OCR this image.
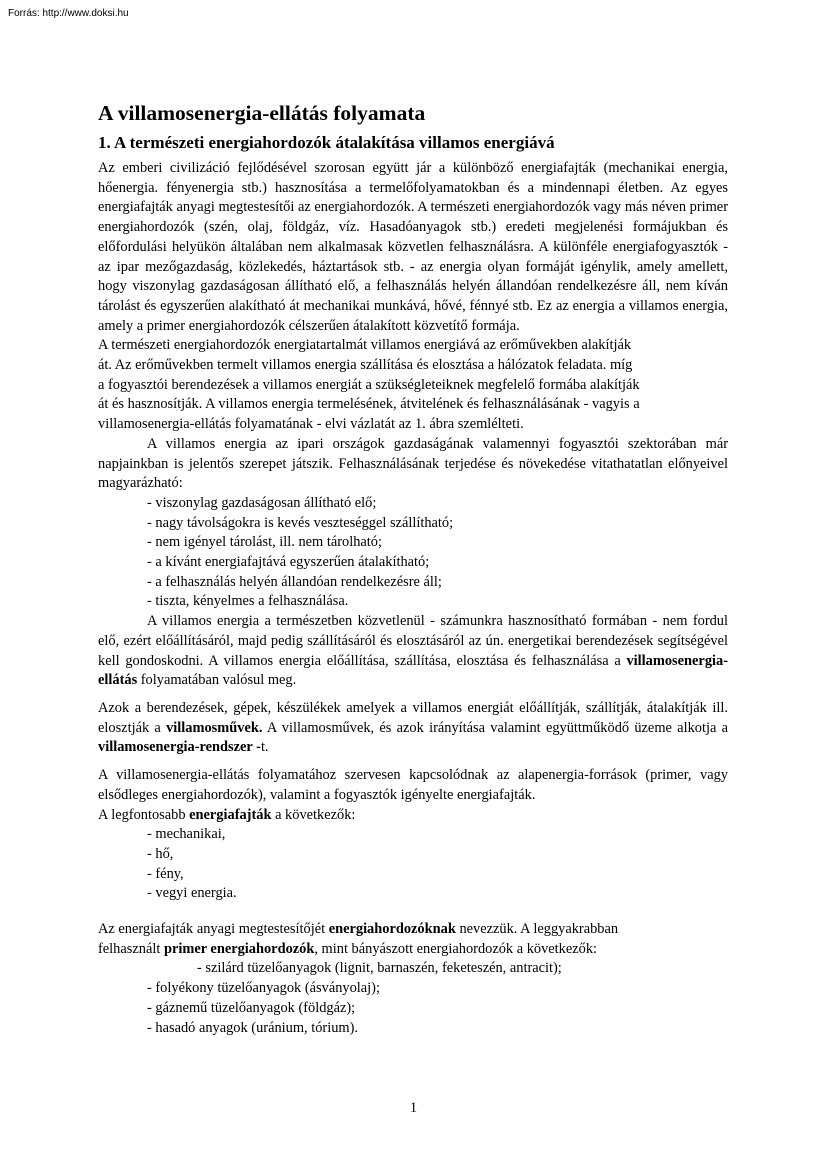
Forrás: http://www.doksi.hu
A villamosenergia-ellátás folyamata
1. A természeti energiahordozók átalakítása villamos energiává

Az emberi civilizáció fejlődésével szorosan együtt jár a különböző energiafajták (mechanikai energia, hőenergia. fényenergia stb.) hasznosítása a termelőfolyamatokban és a mindennapi életben. Az egyes energiafajták anyagi megtestesítői az energiahordozók. A természeti energiahordozók vagy más néven primer energiahordozók (szén, olaj, földgáz, víz. Hasadóanyagok stb.) eredeti megjelenési formájukban és előfordulási helyükön általában nem alkalmasak közvetlen felhasználásra. A különféle energiafogyasztók - az ipar mezőgazdaság, közlekedés, háztartások stb. - az energia olyan formáját igénylik, amely amellett, hogy viszonylag gazdaságosan állítható elő, a felhasználás helyén állandóan rendelkezésre áll, nem kíván tárolást és egyszerűen alakítható át mechanikai munkává, hővé, fénnyé stb. Ez az energia a villamos energia, amely a primer energiahordozók célszerűen átalakított közvetítő formája.

A természeti energiahordozók energiatartalmát villamos energiává az erőművekben alakítják

át. Az erőművekben termelt villamos energia szállítása és elosztása a hálózatok feladata. míg

a fogyasztói berendezések a villamos energiát a szükségleteiknek megfelelő formába alakítják

át és hasznosítják. A villamos energia termelésének, átvitelének és felhasználásának - vagyis a

villamosenergia-ellátás folyamatának - elvi vázlatát az 1. ábra szemlélteti.

A villamos energia az ipari országok gazdaságának valamennyi fogyasztói szektorában már napjainkban is jelentős szerepet játszik. Felhasználásának terjedése és növekedése vitathatatlan előnyeivel magyarázható:

- viszonylag gazdaságosan állítható elő;
- nagy távolságokra is kevés veszteséggel szállítható;
- nem igényel tárolást, ill. nem tárolható;
- a kívánt energiafajtává egyszerűen átalakítható;
- a felhasználás helyén állandóan rendelkezésre áll;
- tiszta, kényelmes a felhasználása.

A villamos energia a természetben közvetlenül - számunkra hasznosítható formában - nem fordul elő, ezért előállításáról, majd pedig szállításáról és elosztásáról az ún. energetikai berendezések segítségével kell gondoskodni. A villamos energia előállítása, szállítása, elosztása és felhasználása a villamosenergia-ellátás folyamatában valósul meg.

Azok a berendezések, gépek, készülékek amelyek a villamos energiát előállítják, szállítják, átalakítják ill. elosztják a villamosművek. A villamosművek, és azok irányítása valamint együttműködő üzeme alkotja a villamosenergia-rendszer -t.

A villamosenergia-ellátás folyamatához szervesen kapcsolódnak az alapenergia-források (primer, vagy elsődleges energiahordozók), valamint a fogyasztók igényelte energiafajták.

A legfontosabb energiafajták a következők:

- mechanikai,
- hő,
- fény,
- vegyi energia.

Az energiafajták anyagi megtestesítőjét energiahordozóknak nevezzük. A leggyakrabban

felhasznált primer energiahordozók, mint bányászott energiahordozók a következők:

- szilárd tüzelőanyagok (lignit, barnaszén, feketeszén, antracit);
- folyékony tüzelőanyagok (ásványolaj);
- gáznemű tüzelőanyagok (földgáz);
- hasadó anyagok (uránium, tórium).
1
